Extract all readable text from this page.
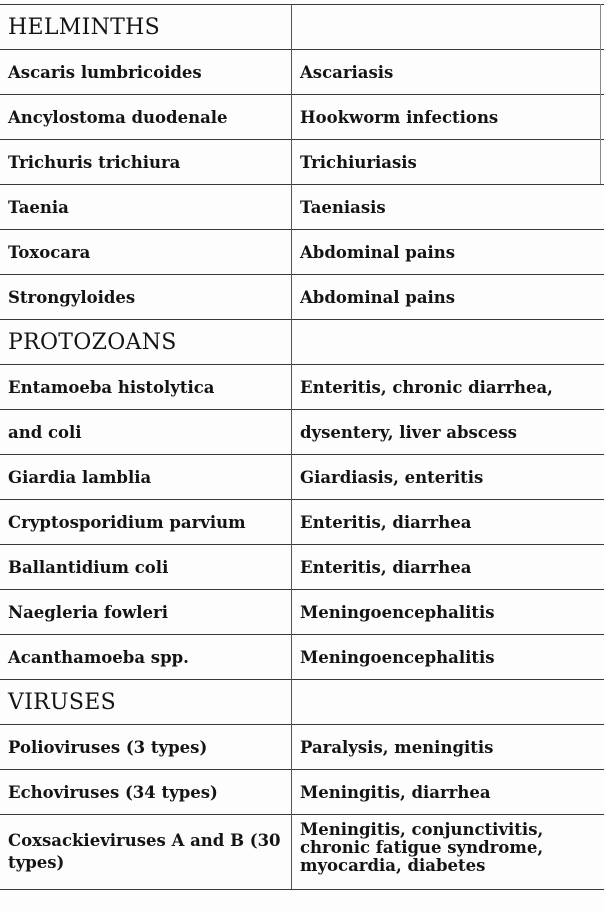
HELMINTHS	
Ascaris lumbricoides	Ascariasis
Ancylostoma duodenale	Hookworm infections
Trichuris trichiura	Trichiuriasis
Taenia	Taeniasis
Toxocara	Abdominal pains
Strongyloides	Abdominal pains
PROTOZOANS	
Entamoeba histolytica	Enteritis, chronic diarrhea,
and coli	dysentery, liver abscess
Giardia lamblia	Giardiasis, enteritis
Cryptosporidium parvium	Enteritis, diarrhea
Ballantidium coli	Enteritis, diarrhea
Naegleria fowleri	Meningoencephalitis
Acanthamoeba spp.	Meningoencephalitis
VIRUSES	
Polioviruses (3 types)	Paralysis, meningitis
Echoviruses (34 types)	Meningitis, diarrhea
Coxsackieviruses A and B (30 types)	Meningitis, conjunctivitis, chronic fatigue syndrome, myocardia, diabetes
